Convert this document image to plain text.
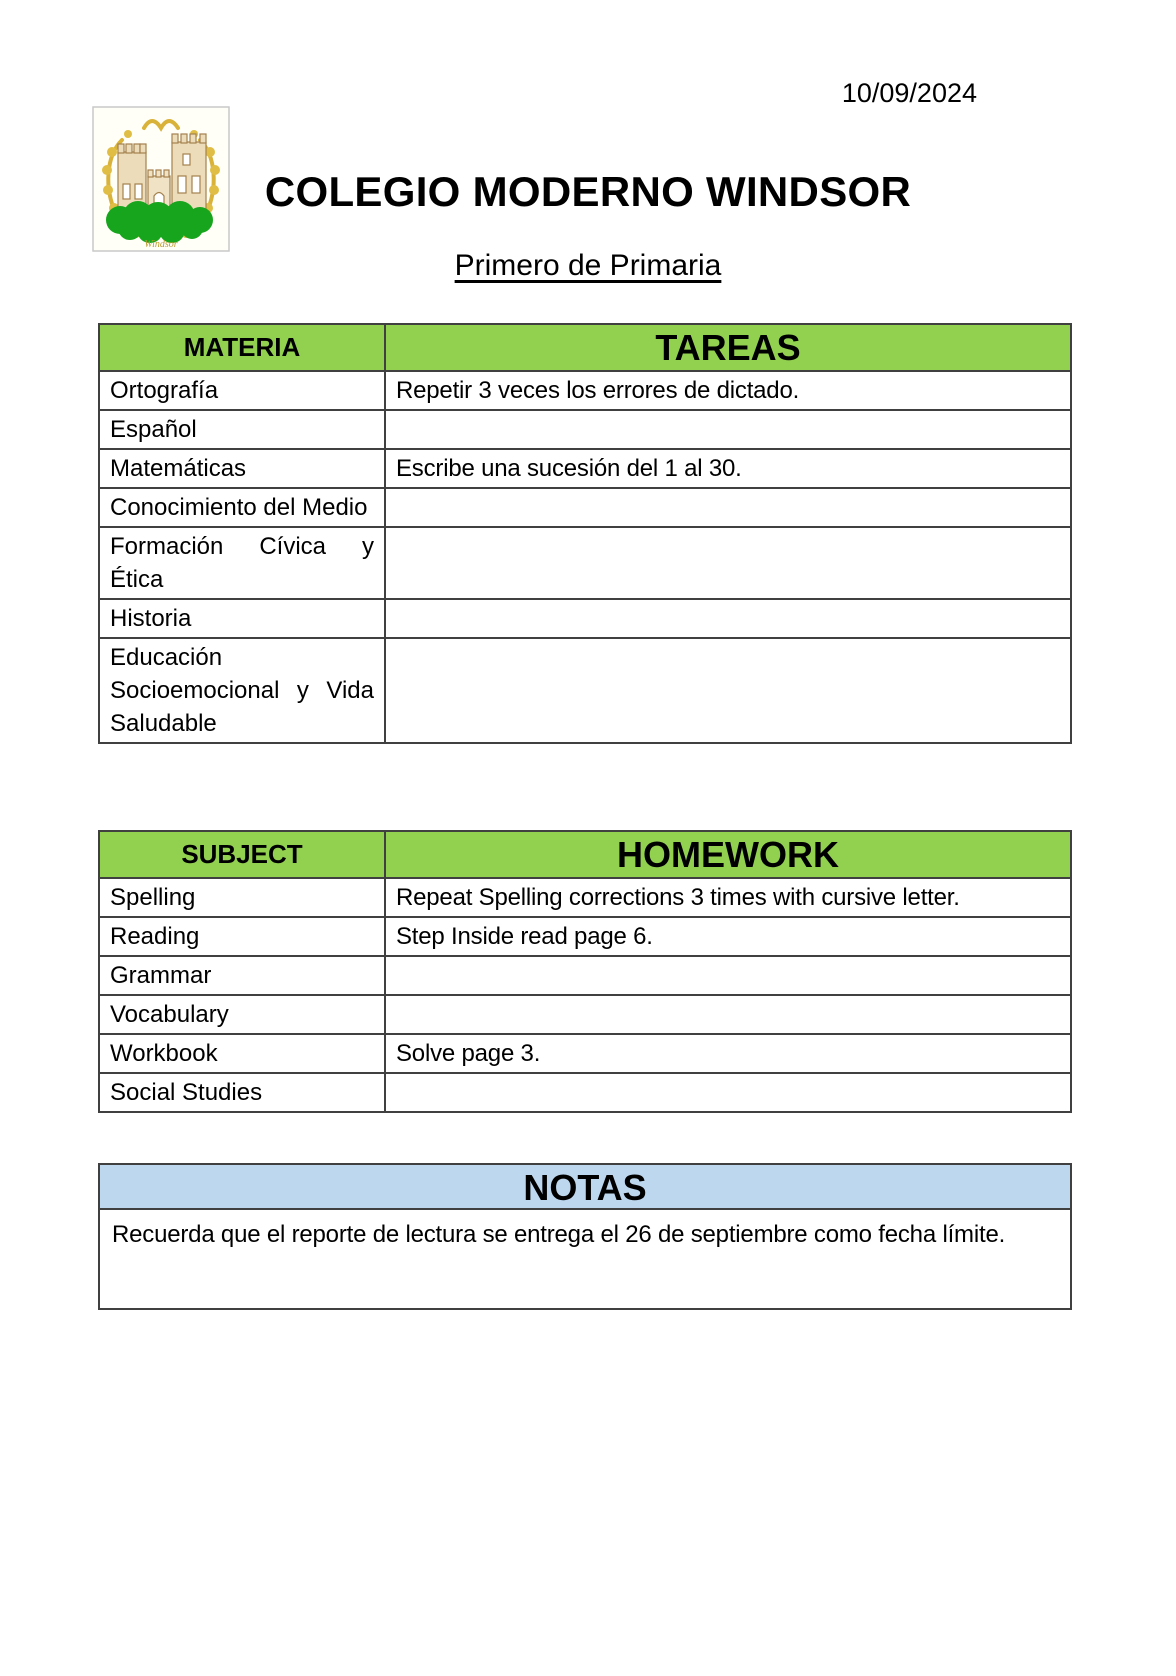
10/09/2024
Windsor
COLEGIO MODERNO WINDSOR
Primero de Primaria
MATERIA	TAREAS
Ortografía	Repetir 3 veces los errores de dictado.
Español	
Matemáticas	Escribe una sucesión del 1 al 30.
Conocimiento del Medio	
Formación Cívica y Ética	
Historia	
Educación Socioemocional y Vida Saludable	
SUBJECT	HOMEWORK
Spelling	Repeat Spelling corrections 3 times with cursive letter.
Reading	Step Inside read page 6.
Grammar	
Vocabulary	
Workbook	Solve page 3.
Social Studies	
NOTAS
Recuerda que el reporte de lectura se entrega el 26 de septiembre como fecha límite.
